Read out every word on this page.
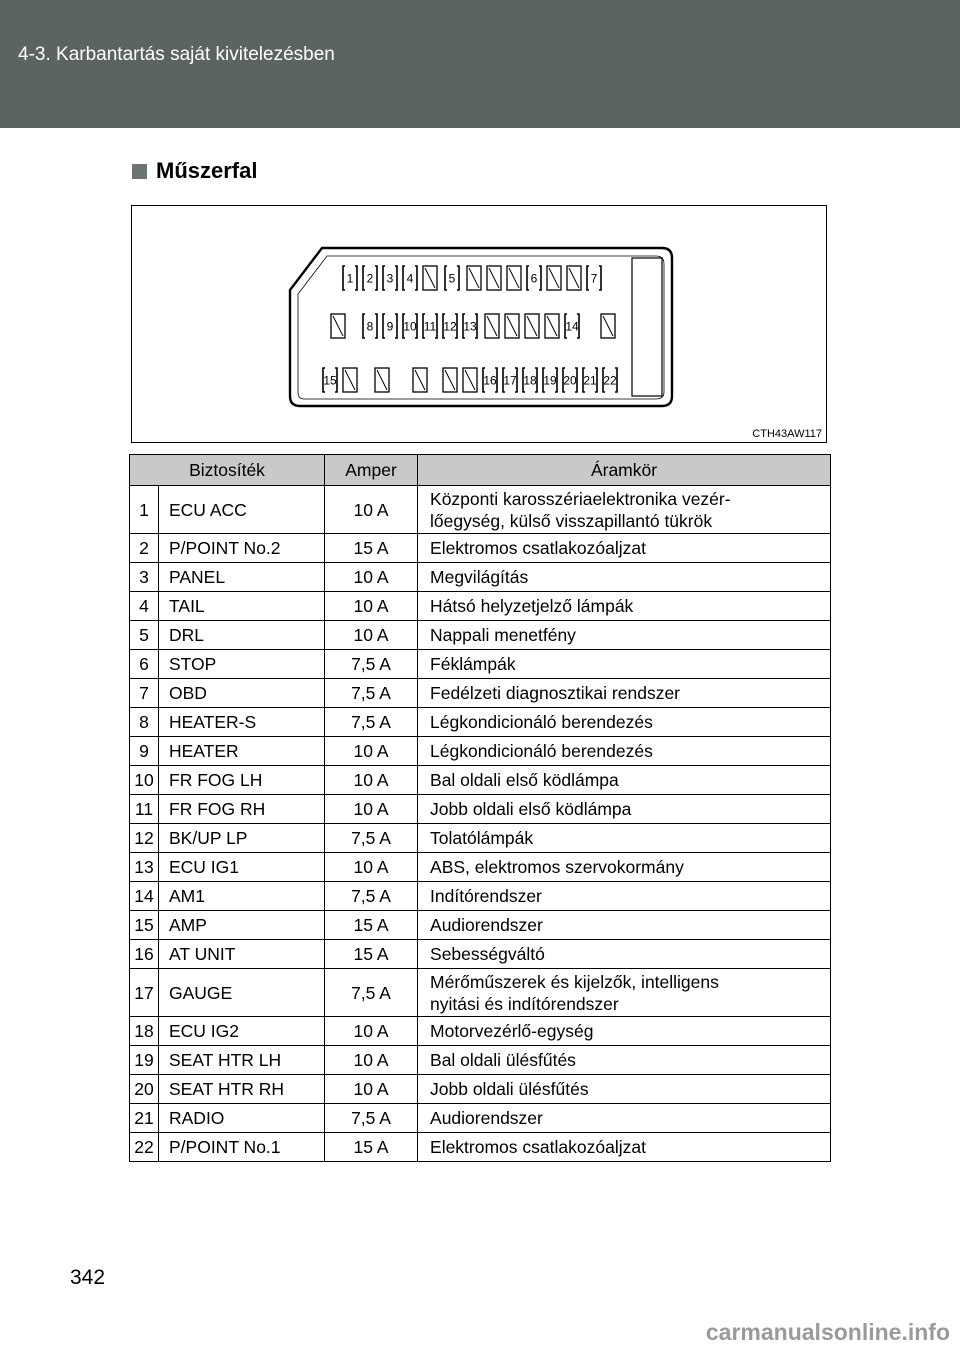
4-3. Karbantartás saját kivitelezésben
Műszerfal
1 2 3 4	5	6	7
8 9 10 11 12 13	14
15	16 17 18 19 20 21 22
CTH43AW117
Biztosíték		Amper	Áramkör
1	ECU ACC	10 A	Központi karosszériaelektronika vezér-
lőegység, külső visszapillantó tükrök

2	P/POINT No.2	15 A	Elektromos csatlakozóaljzat

3	PANEL	10 A	Megvilágítás

4	TAIL	10 A	Hátsó helyzetjelző lámpák

5	DRL	10 A	Nappali menetfény

6	STOP	7,5 A	Féklámpák

7	OBD	7,5 A	Fedélzeti diagnosztikai rendszer

8	HEATER-S	7,5 A	Légkondicionáló berendezés

9	HEATER	10 A	Légkondicionáló berendezés

10	FR FOG LH	10 A	Bal oldali első ködlámpa

11	FR FOG RH	10 A	Jobb oldali első ködlámpa

12	BK/UP LP	7,5 A	Tolatólámpák

13	ECU IG1	10 A	ABS, elektromos szervokormány

14	AM1	7,5 A	Indítórendszer

15	AMP	15 A	Audiorendszer

16	AT UNIT	15 A	Sebességváltó

17	GAUGE	7,5 A	Mérőműszerek és kijelzők, intelligens
nyitási és indítórendszer

18	ECU IG2	10 A	Motorvezérlő-egység

19	SEAT HTR LH	10 A	Bal oldali ülésfűtés

20	SEAT HTR RH	10 A	Jobb oldali ülésfűtés

21	RADIO	7,5 A	Audiorendszer

22	P/POINT No.1	15 A	Elektromos csatlakozóaljzat
342
carmanualsonline.info
